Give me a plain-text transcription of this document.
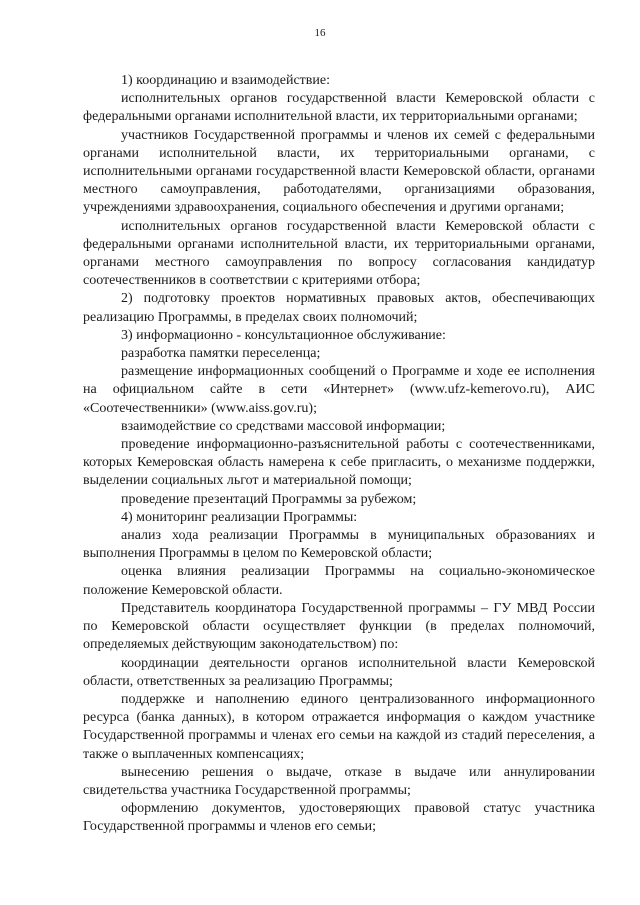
16

1) координацию и взаимодействие:

исполнительных органов государственной власти Кемеровской области с федеральными органами исполнительной власти, их территориальными органами;

участников Государственной программы и членов их семей с федеральными органами исполнительной власти, их территориальными органами, с исполнительными органами государственной власти Кемеровской области, органами местного самоуправления, работодателями, организациями образования, учреждениями здравоохранения, социального обеспечения и другими органами;

исполнительных органов государственной власти Кемеровской области с федеральными органами исполнительной власти, их территориальными органами, органами местного самоуправления по вопросу согласования кандидатур соотечественников в соответствии с критериями отбора;

2) подготовку проектов нормативных правовых актов, обеспечивающих реализацию Программы, в пределах своих полномочий;

3) информационно - консультационное обслуживание:

разработка памятки переселенца;

размещение информационных сообщений о Программе и ходе ее исполнения на официальном сайте в сети «Интернет» (www.ufz-kemerovo.ru), АИС «Соотечественники» (www.aiss.gov.ru);

взаимодействие со средствами массовой информации;

проведение информационно-разъяснительной работы с соотечественниками, которых Кемеровская область намерена к себе пригласить, о механизме поддержки, выделении социальных льгот и материальной помощи;

проведение презентаций Программы за рубежом;

4) мониторинг реализации Программы:

анализ хода реализации Программы в муниципальных образованиях и выполнения Программы в целом по Кемеровской области;

оценка влияния реализации Программы на социально-экономическое положение Кемеровской области.

Представитель координатора Государственной программы – ГУ МВД России по Кемеровской области осуществляет функции (в пределах полномочий, определяемых действующим законодательством) по:

координации деятельности органов исполнительной власти Кемеровской области, ответственных за реализацию Программы;

поддержке и наполнению единого централизованного информационного ресурса (банка данных), в котором отражается информация о каждом участнике Государственной программы и членах его семьи на каждой из стадий переселения, а также о выплаченных компенсациях;

вынесению решения о выдаче, отказе в выдаче или аннулировании свидетельства участника Государственной программы;

оформлению документов, удостоверяющих правовой статус участника Государственной программы и членов его семьи;
